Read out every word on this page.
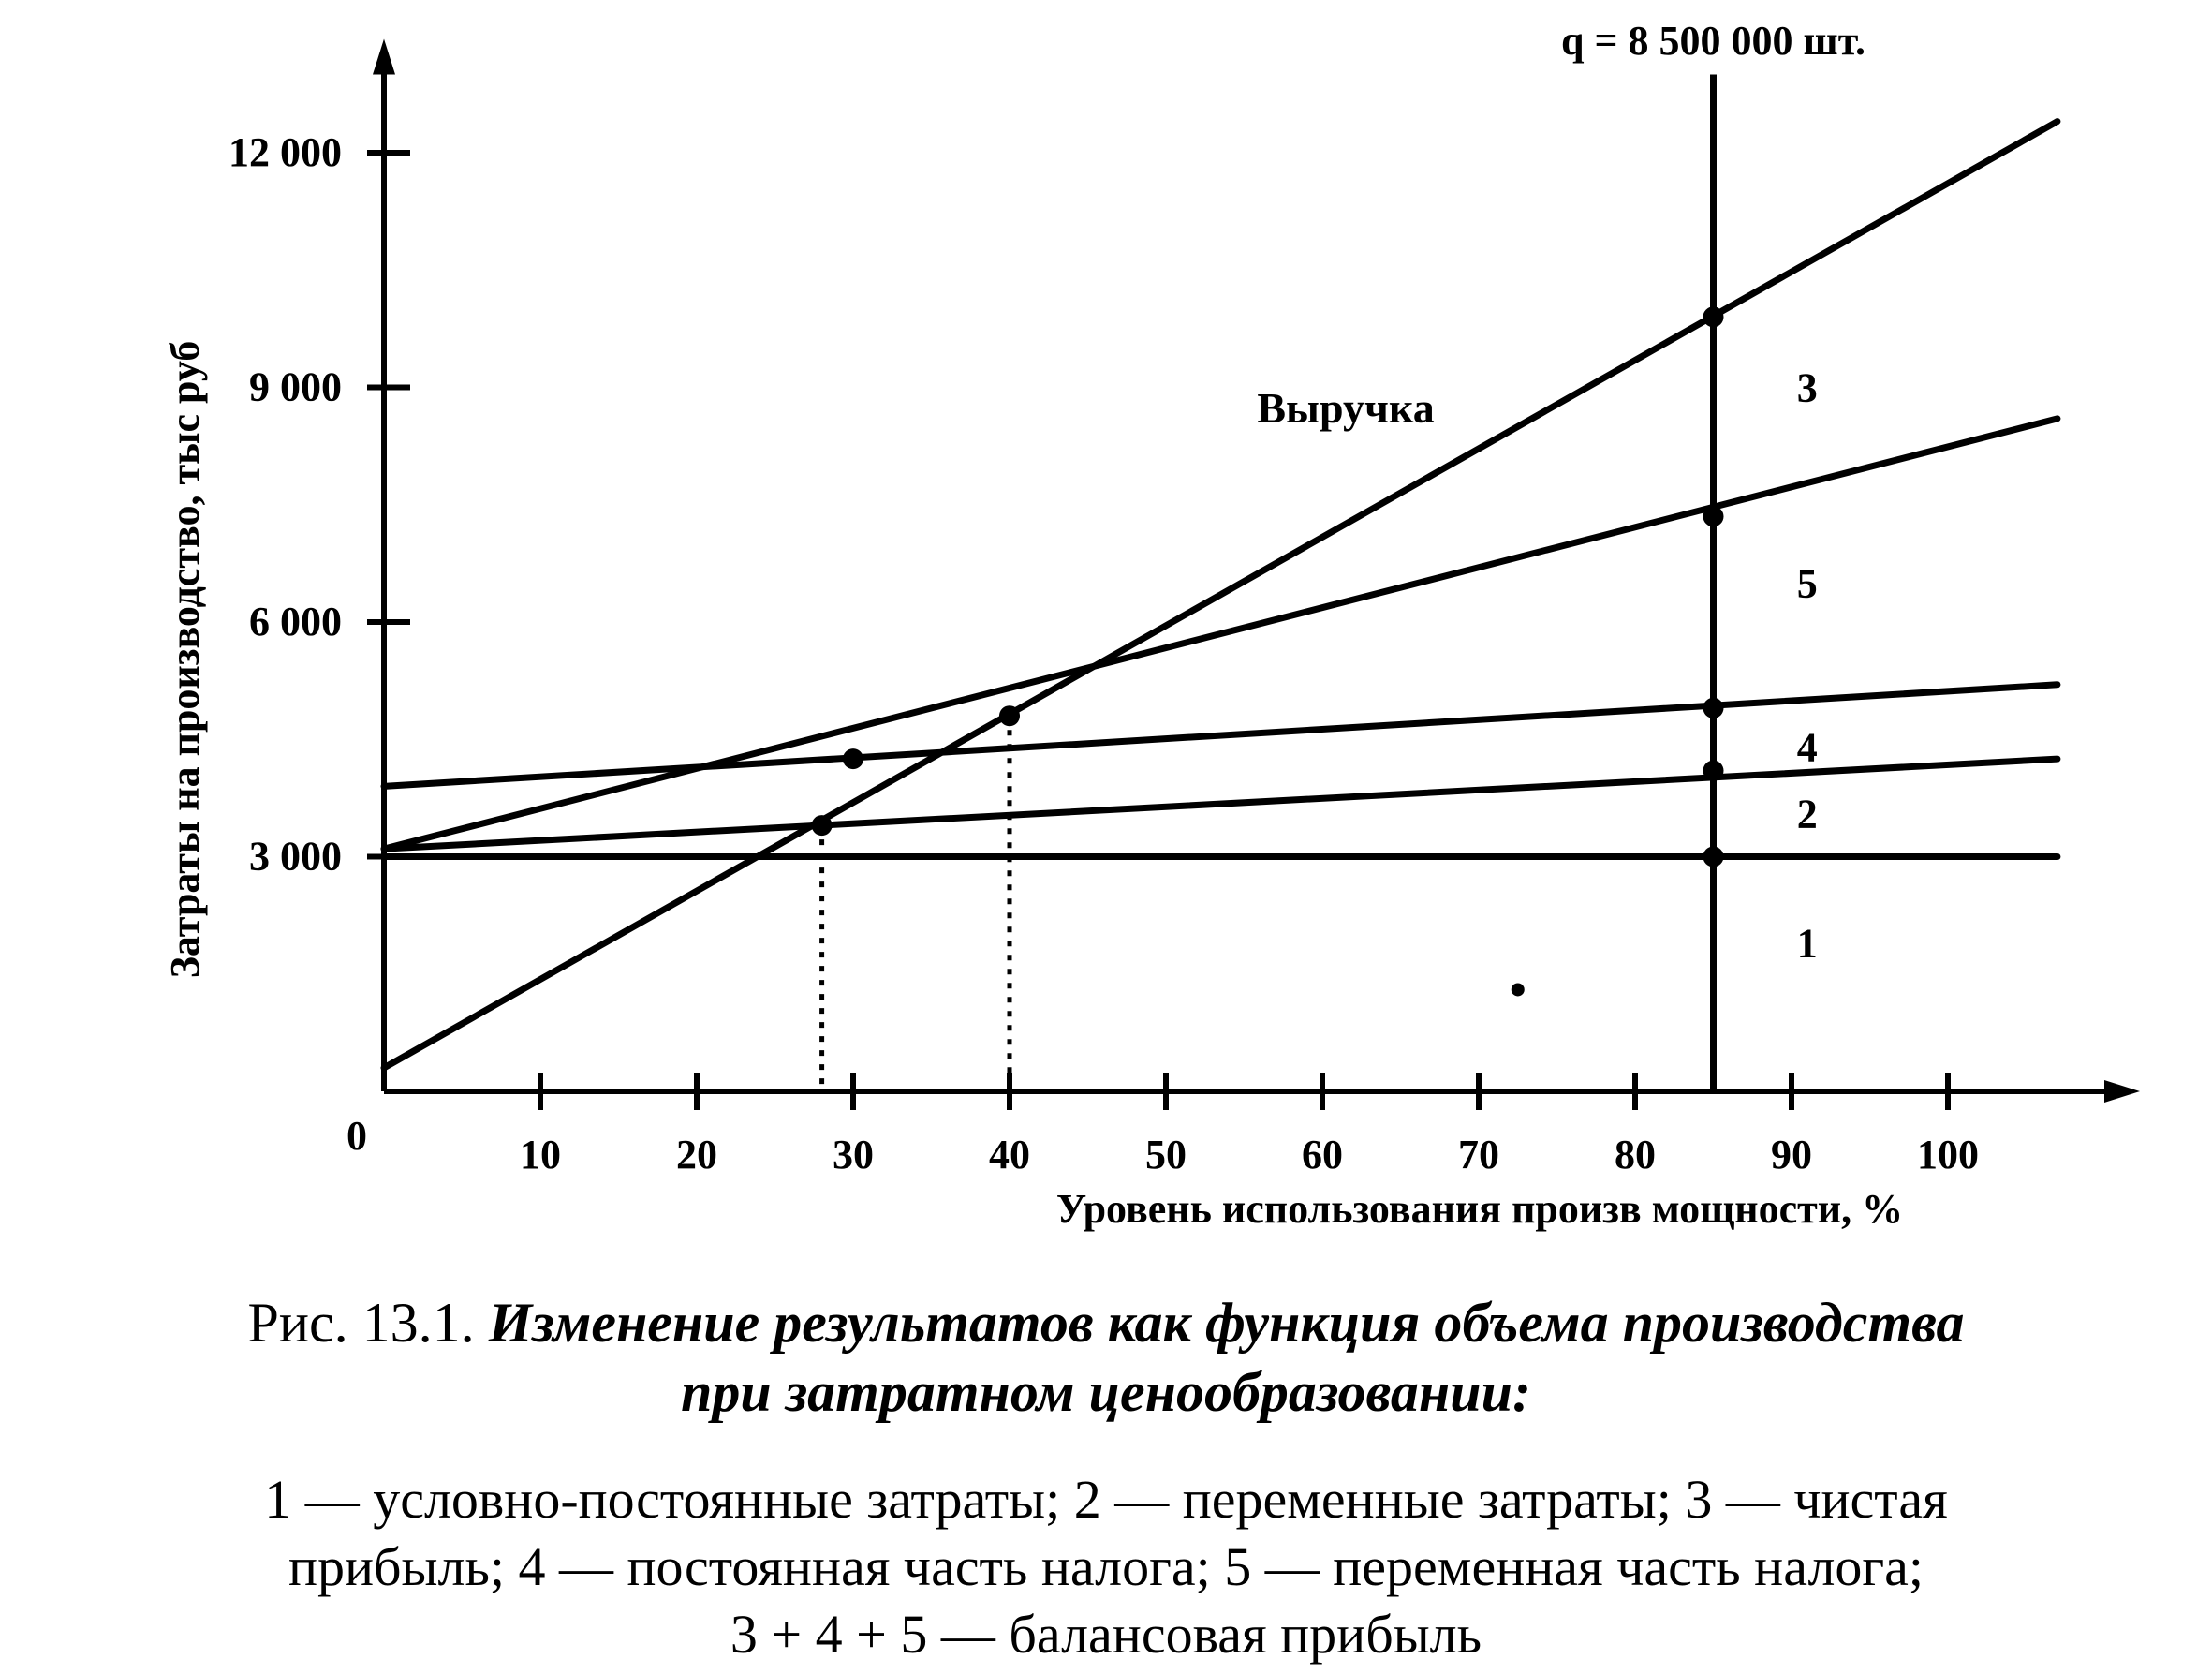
10	20	30	40	50	60	70	80	90	100
3 000
6 000
9 000
12 000
0
Уровень использования произв мощности, %
Затраты на производство, тыс руб	Выручка
q = 8 500 000 шт.
1
2
4
5
3
Рис. 13.1. Изменение результатов как функция объема производства
при затратном ценообразовании:
1 — условно-постоянные затраты; 2 — переменные затраты; 3 — чистая
прибыль; 4 — постоянная часть налога; 5 — переменная часть налога;
3 + 4 + 5 — балансовая прибыль
